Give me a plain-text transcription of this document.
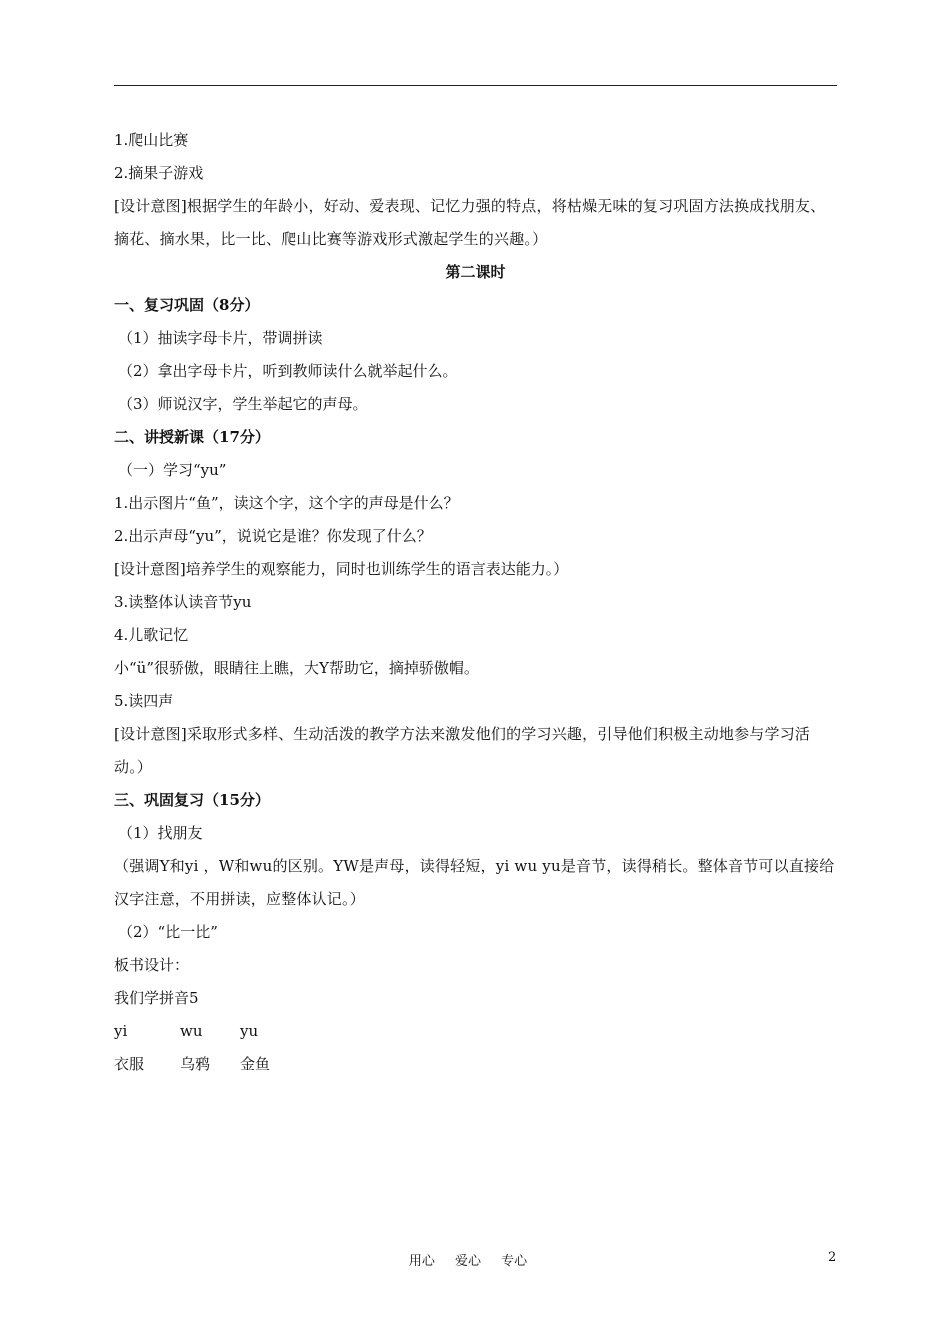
1.爬山比赛
2.摘果子游戏
[设计意图]根据学生的年龄小，好动、爱表现、记忆力强的特点，将枯燥无味的复习巩固方法换成找朋友、摘花、摘水果，比一比、爬山比赛等游戏形式激起学生的兴趣。）
第二课时
一、复习巩固（8分）
（1）抽读字母卡片，带调拼读
（2）拿出字母卡片，听到教师读什么就举起什么。
（3）师说汉字，学生举起它的声母。
二、讲授新课（17分）
（一）学习“yu”
1.出示图片“鱼”，读这个字，这个字的声母是什么？
2.出示声母“yu”，说说它是谁？你发现了什么？
[设计意图]培养学生的观察能力，同时也训练学生的语言表达能力。）
3.读整体认读音节yu
4.儿歌记忆
小“ü”很骄傲，眼睛往上瞧，大Y帮助它，摘掉骄傲帽。
5.读四声
[设计意图]采取形式多样、生动活泼的教学方法来激发他们的学习兴趣，引导他们积极主动地参与学习活动。）
三、巩固复习（15分）
（1）找朋友
（强调Y和yi ，W和wu的区别。YW是声母，读得轻短，yi wu yu是音节，读得稍长。整体音节可以直接给汉字注意，不用拼读，应整体认记。）
（2）“比一比”
板书设计：
我们学拼音5
yi	wu	yu
衣服	乌鸦	金鱼
用心 爱心 专心	2
